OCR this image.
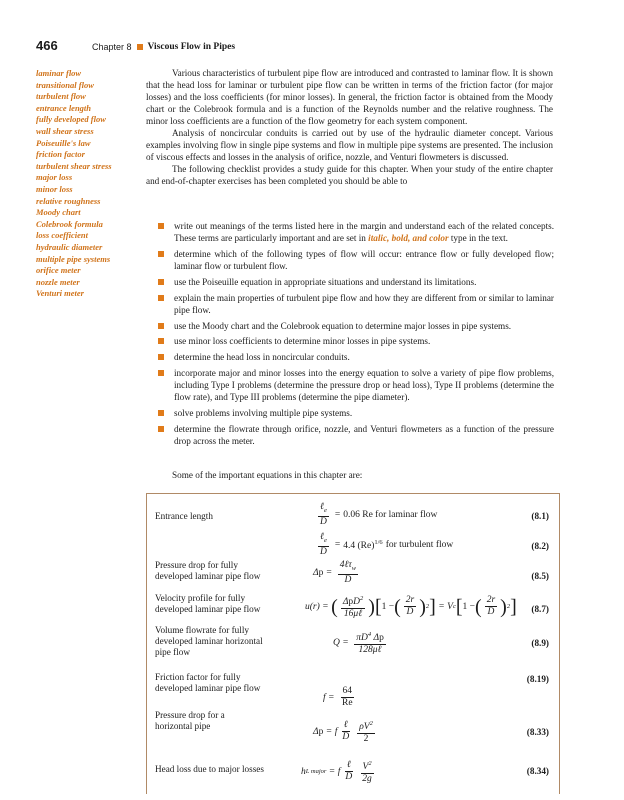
466	Chapter 8 Viscous Flow in Pipes
laminar flow
transitional flow
turbulent flow
entrance length
fully developed flow
wall shear stress
Poiseuille's law
friction factor
turbulent shear stress
major loss
minor loss
relative roughness
Moody chart
Colebrook formula
loss coefficient
hydraulic diameter
multiple pipe systems
orifice meter
nozzle meter
Venturi meter

Various characteristics of turbulent pipe flow are introduced and contrasted to laminar flow. It is shown that the head loss for laminar or turbulent pipe flow can be written in terms of the friction factor (for major losses) and the loss coefficients (for minor losses). In general, the friction factor is obtained from the Moody chart or the Colebrook formula and is a function of the Reynolds number and the relative roughness. The minor loss coefficients are a function of the flow geometry for each system component.

Analysis of noncircular conduits is carried out by use of the hydraulic diameter concept. Various examples involving flow in single pipe systems and flow in multiple pipe systems are presented. The inclusion of viscous effects and losses in the analysis of orifice, nozzle, and Venturi flowmeters is discussed.

The following checklist provides a study guide for this chapter. When your study of the entire chapter and end-of-chapter exercises has been completed you should be able to

write out meanings of the terms listed here in the margin and understand each of the related concepts. These terms are particularly important and are set in italic, bold, and color type in the text.
determine which of the following types of flow will occur: entrance flow or fully developed flow; laminar flow or turbulent flow.
use the Poiseuille equation in appropriate situations and understand its limitations.
explain the main properties of turbulent pipe flow and how they are different from or similar to laminar pipe flow.
use the Moody chart and the Colebrook equation to determine major losses in pipe systems.
use minor loss coefficients to determine minor losses in pipe systems.
determine the head loss in noncircular conduits.
incorporate major and minor losses into the energy equation to solve a variety of pipe flow problems, including Type I problems (determine the pressure drop or head loss), Type II problems (determine the flow rate), and Type III problems (determine the pipe diameter).
solve problems involving multiple pipe systems.
determine the flowrate through orifice, nozzle, and Venturi flowmeters as a function of the pressure drop across the meter.
Some of the important equations in this chapter are:
Entrance length	$\frac{\ell_e}{D} = 0.06$ Re for laminar flow	(8.1)
$\frac{\ell_e}{D} = 4.4$ $(Re)^{1/6}$ for turbulent flow	(8.2)
Pressure drop for fully
developed laminar pipe flow	Δ $p = \frac{4\ell\tau_w}{D}$	(8.5)
Velocity profile for fully
developed laminar pipe flow	u(r) = ( $\frac{\Delta pD^2}{\text{16μℓ}}$ ) [ 1 − ( $\frac{2r}{D}$ ) 2 ] = V c [ 1 − ( $\frac{2r}{D}$ ) 2 ] (8.7)
Volume flowrate for fully
developed laminar horizontal
pipe flow
$Q = \frac{\pi D^4 \Delta p}{\text{128μℓ}}$	(8.9)
Friction factor for fully
developed laminar pipe flow
$f = \frac{64}{Re}$
(8.19)
Pressure drop for a
horizontal pipe
Δ p = f $\frac{\text{ℓ}}{D} \frac{\rho V^2}{2}$	(8.33)
Head loss due to major losses	h L major = f $\frac{\text{ℓ}}{D} \frac{V^2}{2g}$	(8.34)
